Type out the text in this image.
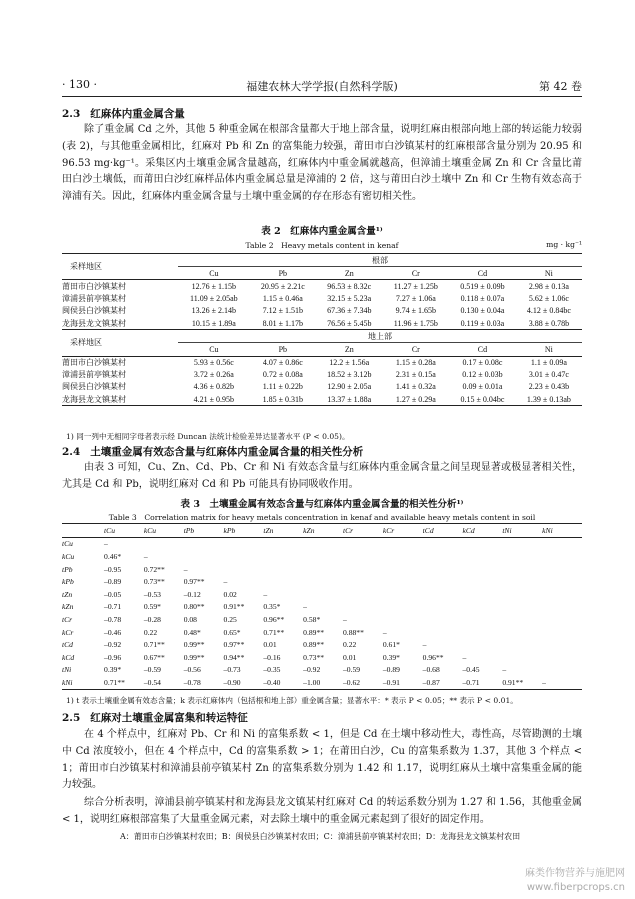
· 130 ·	福建农林大学学报(自然科学版)	第 42 卷
2.3 红麻体内重金属含量
除了重金属 Cd 之外，其他 5 种重金属在根部含量都大于地上部含量，说明红麻由根部向地上部的转运能力较弱(表 2)，与其他重金属相比，红麻对 Pb 和 Zn 的富集能力较强，莆田市白沙镇某村的红麻根部含量分别为 20.95 和 96.53 mg·kg⁻¹。采集区内土壤重金属含量越高，红麻体内中重金属就越高，但漳浦土壤重金属 Zn 和 Cr 含量比莆田白沙土壤低，而莆田白沙红麻样品体内重金属总量是漳浦的 2 倍，这与莆田白沙土壤中 Zn 和 Cr 生物有效态高于漳浦有关。因此，红麻体内重金属含量与土壤中重金属的存在形态有密切相关性。
表 2　红麻体内重金属含量¹⁾
Table 2　Heavy metals content in kenaf	mg · kg⁻¹
采样地区	根部					
	Cu	Pb	Zn	Cr	Cd	Ni
莆田市白沙镇某村	12.76 ± 1.15b	20.95 ± 2.21c	96.53 ± 8.32c	11.27 ± 1.25b	0.519 ± 0.09b	2.98 ± 0.13a
漳浦县前亭镇某村	11.09 ± 2.05ab	1.15 ± 0.46a	32.15 ± 5.23a	7.27 ± 1.06a	0.118 ± 0.07a	5.62 ± 1.06c
闽侯县白沙镇某村	13.26 ± 2.14b	7.12 ± 1.51b	67.36 ± 7.34b	9.74 ± 1.65b	0.130 ± 0.04a	4.12 ± 0.84bc
龙海县龙文镇某村	10.15 ± 1.89a	8.01 ± 1.17b	76.56 ± 5.45b	11.96 ± 1.75b	0.119 ± 0.03a	3.88 ± 0.78b
采样地区	地上部					
	Cu	Pb	Zn	Cr	Cd	Ni
莆田市白沙镇某村	5.93 ± 0.56c	4.07 ± 0.86c	12.2 ± 1.56a	1.15 ± 0.28a	0.17 ± 0.08c	1.1 ± 0.09a
漳浦县前亭镇某村	3.72 ± 0.26a	0.72 ± 0.08a	18.52 ± 3.12b	2.31 ± 0.15a	0.12 ± 0.03b	3.01 ± 0.47c
闽侯县白沙镇某村	4.36 ± 0.82b	1.11 ± 0.22b	12.90 ± 2.05a	1.41 ± 0.32a	0.09 ± 0.01a	2.23 ± 0.43b
龙海县龙文镇某村	4.21 ± 0.95b	1.85 ± 0.31b	13.37 ± 1.88a	1.27 ± 0.29a	0.15 ± 0.04bc	1.39 ± 0.13ab
1) 同一列中无相同字母者表示经 Duncan 法统计检验差异达显著水平 (P < 0.05)。
2.4 土壤重金属有效态含量与红麻体内重金属含量的相关性分析
由表 3 可知，Cu、Zn、Cd、Pb、Cr 和 Ni 有效态含量与红麻体内重金属含量之间呈现显著或极显著相关性，尤其是 Cd 和 Pb，说明红麻对 Cd 和 Pb 可能具有协同吸收作用。
表 3　土壤重金属有效态含量与红麻体内重金属含量的相关性分析¹⁾
Table 3　Correlation matrix for heavy metals concentration in kenaf and available heavy metals content in soil
	tCu	kCu	tPb	kPb	tZn	kZn	tCr	kCr	tCd	kCd	tNi	kNi
tCu	–											
kCu	0.46*	–										
tPb	–0.95	0.72**	–									
kPb	–0.89	0.73**	0.97**	–								
tZn	–0.05	–0.53	–0.12	0.02	–							
kZn	–0.71	0.59*	0.80**	0.91**	0.35*	–						
tCr	–0.78	–0.28	0.08	0.25	0.96**	0.58*	–					
kCr	–0.46	0.22	0.48*	0.65*	0.71**	0.89**	0.88**	–				
tCd	–0.92	0.71**	0.99**	0.97**	0.01	0.89**	0.22	0.61*	–			
kCd	–0.96	0.67**	0.99**	0.94**	–0.16	0.73**	0.01	0.39*	0.96**	–		
tNi	0.39*	–0.59	–0.56	–0.73	–0.35	–0.92	–0.59	–0.89	–0.68	–0.45	–	
kNi	0.71**	–0.54	–0.78	–0.90	–0.40	–1.00	–0.62	–0.91	–0.87	–0.71	0.91**	–
1) t 表示土壤重金属有效态含量；k 表示红麻体内（包括根和地上部）重金属含量；显著水平：* 表示 P < 0.05；** 表示 P < 0.01。
2.5 红麻对土壤重金属富集和转运特征
在 4 个样点中，红麻对 Pb、Cr 和 Ni 的富集系数 < 1，但是 Cd 在土壤中移动性大，毒性高，尽管勘测的土壤中 Cd 浓度较小，但在 4 个样点中，Cd 的富集系数 > 1；在莆田白沙，Cu 的富集系数为 1.37，其他 3 个样点 < 1；莆田市白沙镇某村和漳浦县前亭镇某村 Zn 的富集系数分别为 1.42 和 1.17，说明红麻从土壤中富集重金属的能力较强。
综合分析表明，漳浦县前亭镇某村和龙海县龙文镇某村红麻对 Cd 的转运系数分别为 1.27 和 1.56，其他重金属 < 1，说明红麻根部富集了大量重金属元素，对去除土壤中的重金属元素起到了很好的固定作用。
A：莆田市白沙镇某村农田；B：闽侯县白沙镇某村农田；C：漳浦县前亭镇某村农田；D：龙海县龙文镇某村农田
麻类作物营养与施肥网
www.fiberpcrops.cn
